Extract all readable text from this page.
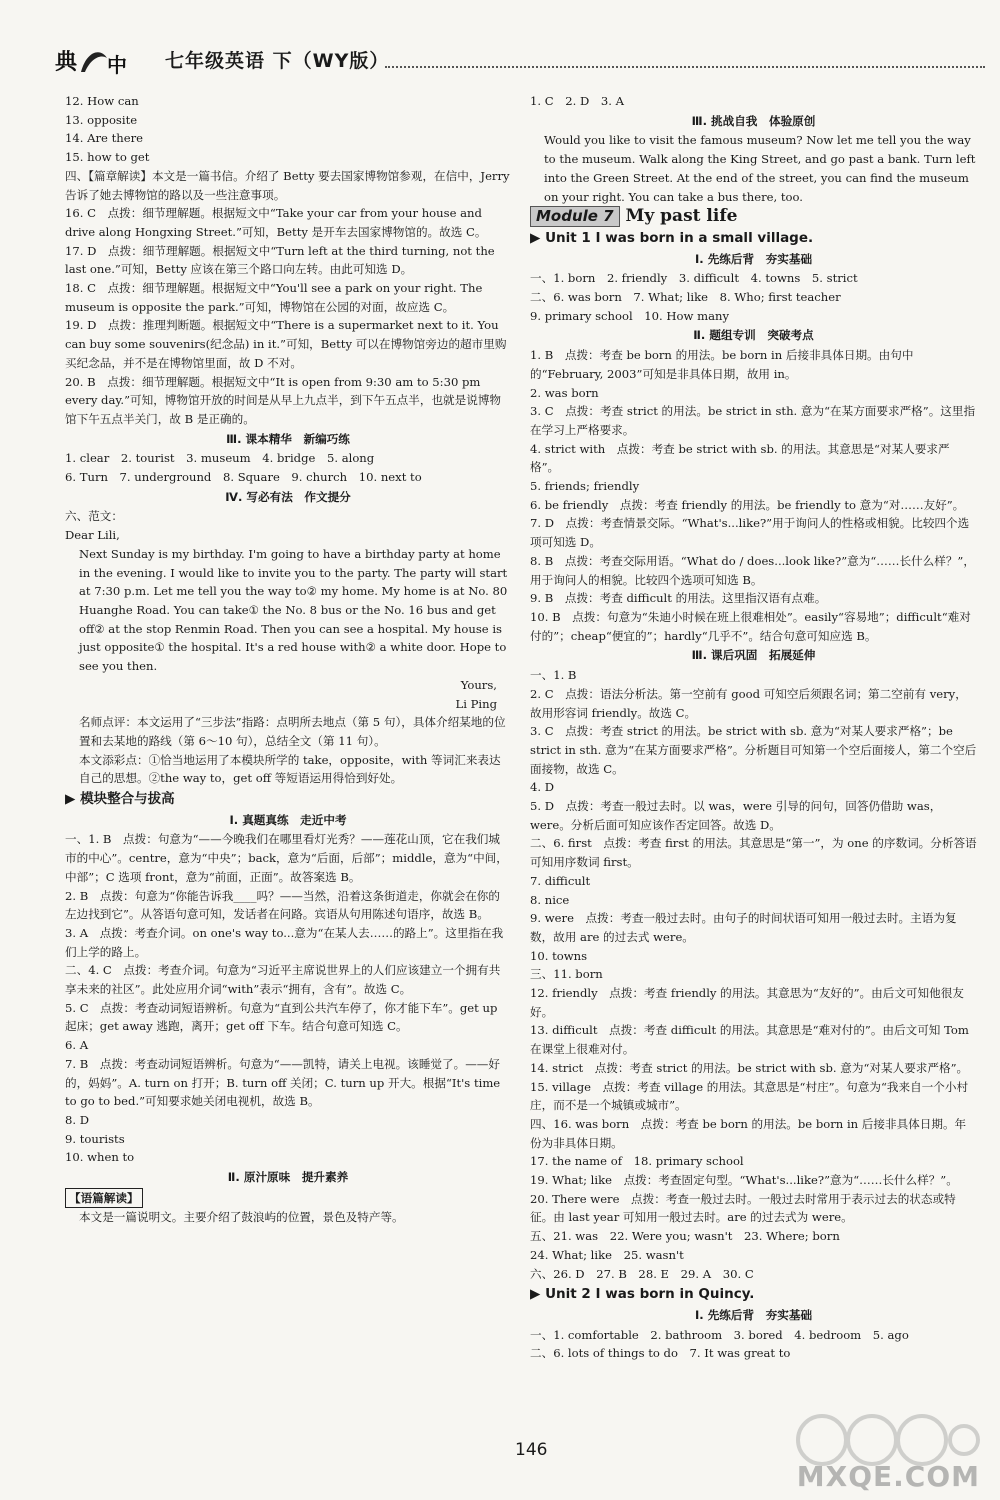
典 中 七年级英语 下（WY版）

12. How can

13. opposite

14. Are there

15. how to get

四、【篇章解读】本文是一篇书信。介绍了 Betty 要去国家博物馆参观，在信中，Jerry 告诉了她去博物馆的路以及一些注意事项。

16. C　点拨：细节理解题。根据短文中“Take your car from your house and drive along Hongxing Street.”可知，Betty 是开车去国家博物馆的。故选 C。

17. D　点拨：细节理解题。根据短文中“Turn left at the third turning, not the last one.”可知，Betty 应该在第三个路口向左转。由此可知选 D。

18. C　点拨：细节理解题。根据短文中“You'll see a park on your right. The museum is opposite the park.”可知，博物馆在公园的对面，故应选 C。

19. D　点拨：推理判断题。根据短文中“There is a supermarket next to it. You can buy some souvenirs(纪念品) in it.”可知，Betty 可以在博物馆旁边的超市里购买纪念品，并不是在博物馆里面，故 D 不对。

20. B　点拨：细节理解题。根据短文中“It is open from 9:30 am to 5:30 pm every day.”可知，博物馆开放的时间是从早上九点半，到下午五点半，也就是说博物馆下午五点半关门，故 B 是正确的。

Ⅲ. 课本精华　新编巧练

1. clear　2. tourist　3. museum　4. bridge　5. along

6. Turn　7. underground　8. Square　9. church　10. next to

Ⅳ. 写必有法　作文提分

六、范文：

Dear Lili,

Next Sunday is my birthday. I'm going to have a birthday party at home in the evening. I would like to invite you to the party. The party will start at 7:30 p.m. Let me tell you the way to② my home. My home is at No. 80 Huanghe Road. You can take① the No. 8 bus or the No. 16 bus and get off② at the stop Renmin Road. Then you can see a hospital. My house is just opposite① the hospital. It's a red house with② a white door. Hope to see you then.

Yours,

Li Ping

名师点评：本文运用了“三步法”指路：点明所去地点（第 5 句），具体介绍某地的位置和去某地的路线（第 6～10 句），总结全文（第 11 句）。

本文添彩点：①恰当地运用了本模块所学的 take，opposite，with 等词汇来表达自己的思想。②the way to，get off 等短语运用得恰到好处。

▶ 模块整合与拔高

Ⅰ. 真题真练　走近中考

一、1. B　点拨：句意为“——今晚我们在哪里看灯光秀？——莲花山顶，它在我们城市的中心”。centre，意为“中央”；back，意为“后面，后部”；middle，意为“中间，中部”；C 选项 front，意为“前面，正面”。故答案选 B。

2. B　点拨：句意为“你能告诉我____吗？——当然，沿着这条街道走，你就会在你的左边找到它”。从答语句意可知，发话者在问路。宾语从句用陈述句语序，故选 B。

3. A　点拨：考查介词。on one's way to...意为“在某人去……的路上”。这里指在我们上学的路上。

二、4. C　点拨：考查介词。句意为“习近平主席说世界上的人们应该建立一个拥有共享未来的社区”。此处应用介词“with”表示“拥有，含有”。故选 C。

5. C　点拨：考查动词短语辨析。句意为“直到公共汽车停了，你才能下车”。get up 起床；get away 逃跑，离开；get off 下车。结合句意可知选 C。

6. A

7. B　点拨：考查动词短语辨析。句意为“——凯特，请关上电视。该睡觉了。——好的，妈妈”。A. turn on 打开；B. turn off 关闭；C. turn up 开大。根据“It's time to go to bed.”可知要求她关闭电视机，故选 B。

8. D

9. tourists

10. when to

Ⅱ. 原汁原味　提升素养

【语篇解读】

本文是一篇说明文。主要介绍了鼓浪屿的位置，景色及特产等。

1. C　2. D　3. A

Ⅲ. 挑战自我　体验原创

Would you like to visit the famous museum? Now let me tell you the way to the museum. Walk along the King Street, and go past a bank. Turn left into the Green Street. At the end of the street, you can find the museum on your right. You can take a bus there, too.

Module 7 My past life

▶ Unit 1 I was born in a small village.

Ⅰ. 先练后背　夯实基础

一、1. born　2. friendly　3. difficult　4. towns　5. strict

二、6. was born　7. What; like　8. Who; first teacher

9. primary school　10. How many

Ⅱ. 题组专训　突破考点

1. B　点拨：考查 be born 的用法。be born in 后接非具体日期。由句中的“February, 2003”可知是非具体日期，故用 in。

2. was born

3. C　点拨：考查 strict 的用法。be strict in sth. 意为“在某方面要求严格”。这里指在学习上严格要求。

4. strict with　点拨：考查 be strict with sb. 的用法。其意思是“对某人要求严格”。

5. friends; friendly

6. be friendly　点拨：考查 friendly 的用法。be friendly to 意为“对……友好”。

7. D　点拨：考查情景交际。“What's...like?”用于询问人的性格或相貌。比较四个选项可知选 D。

8. B　点拨：考查交际用语。“What do / does...look like?”意为“……长什么样？”，用于询问人的相貌。比较四个选项可知选 B。

9. B　点拨：考查 difficult 的用法。这里指汉语有点难。

10. B　点拨：句意为“朱迪小时候在班上很难相处”。easily“容易地”；difficult“难对付的”；cheap“便宜的”；hardly“几乎不”。结合句意可知应选 B。

Ⅲ. 课后巩固　拓展延伸

一、1. B

2. C　点拨：语法分析法。第一空前有 good 可知空后须跟名词；第二空前有 very，故用形容词 friendly。故选 C。

3. C　点拨：考查 strict 的用法。be strict with sb. 意为“对某人要求严格”；be strict in sth. 意为“在某方面要求严格”。分析题目可知第一个空后面接人，第二个空后面接物，故选 C。

4. D

5. D　点拨：考查一般过去时。以 was，were 引导的问句，回答仍借助 was，were。分析后面可知应该作否定回答。故选 D。

二、6. first　点拨：考查 first 的用法。其意思是“第一”，为 one 的序数词。分析答语可知用序数词 first。

7. difficult

8. nice

9. were　点拨：考查一般过去时。由句子的时间状语可知用一般过去时。主语为复数，故用 are 的过去式 were。

10. towns

三、11. born

12. friendly　点拨：考查 friendly 的用法。其意思为“友好的”。由后文可知他很友好。

13. difficult　点拨：考查 difficult 的用法。其意思是“难对付的”。由后文可知 Tom 在课堂上很难对付。

14. strict　点拨：考查 strict 的用法。be strict with sb. 意为“对某人要求严格”。

15. village　点拨：考查 village 的用法。其意思是“村庄”。句意为“我来自一个小村庄，而不是一个城镇或城市”。

四、16. was born　点拨：考查 be born 的用法。be born in 后接非具体日期。年份为非具体日期。

17. the name of　18. primary school

19. What; like　点拨：考查固定句型。“What's...like?”意为“……长什么样？”。

20. There were　点拨：考查一般过去时。一般过去时常用于表示过去的状态或特征。由 last year 可知用一般过去时。are 的过去式为 were。

五、21. was　22. Were you; wasn't　23. Where; born

24. What; like　25. wasn't

六、26. D　27. B　28. E　29. A　30. C

▶ Unit 2 I was born in Quincy.

Ⅰ. 先练后背　夯实基础

一、1. comfortable　2. bathroom　3. bored　4. bedroom　5. ago

二、6. lots of things to do　7. It was great to

146
MXQE.COM
